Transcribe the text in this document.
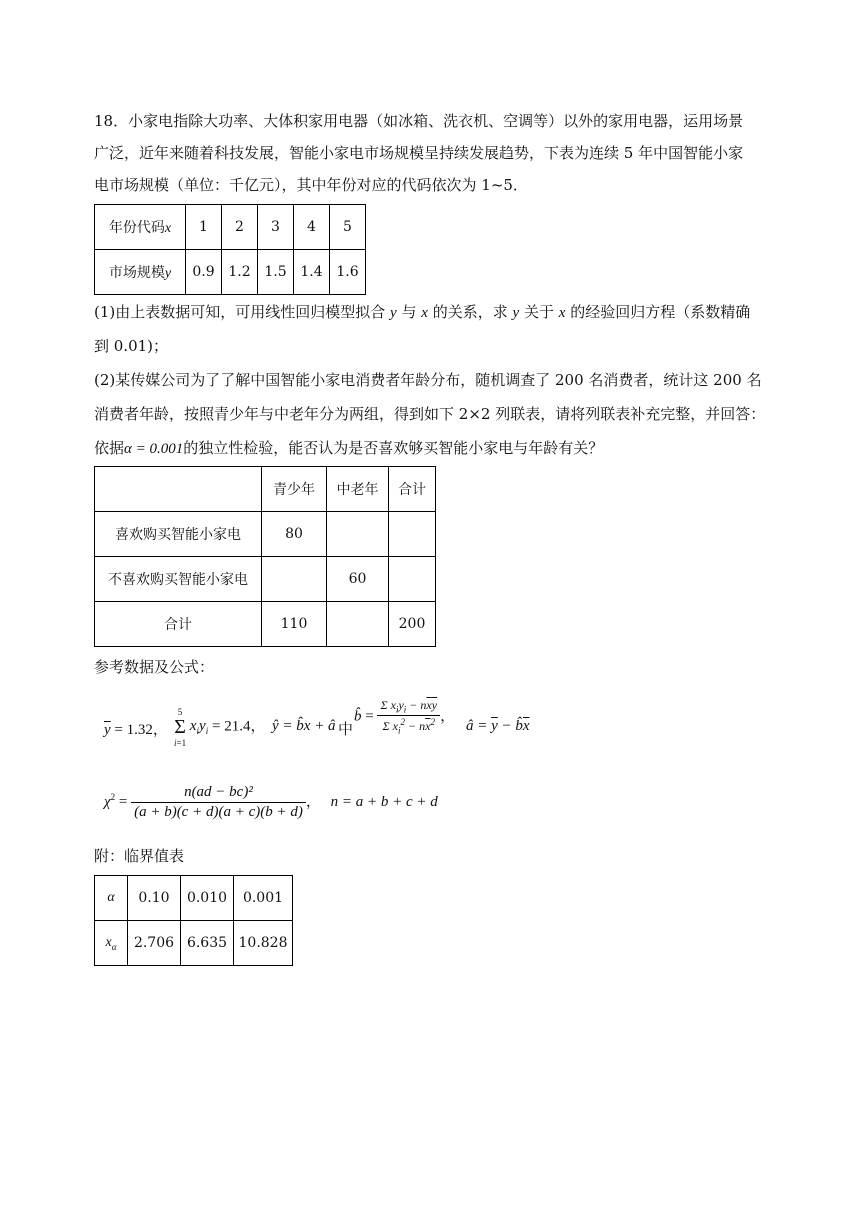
18．小家电指除大功率、大体积家用电器（如冰箱、洗衣机、空调等）以外的家用电器，运用场景
广泛，近年来随着科技发展，智能小家电市场规模呈持续发展趋势，下表为连续 5 年中国智能小家
电市场规模（单位：千亿元），其中年份对应的代码依次为 1~5．
年份代码x	1	2	3	4	5
市场规模y	0.9	1.2	1.5	1.4	1.6
(1)由上表数据可知，可用线性回归模型拟合 y 与 x 的关系，求 y 关于 x 的经验回归方程（系数精确
到 0.01)；
(2)某传媒公司为了了解中国智能小家电消费者年龄分布，随机调查了 200 名消费者，统计这 200 名
消费者年龄，按照青少年与中老年分为两组，得到如下 2×2 列联表，请将列联表补充完整，并回答：
依据α = 0.001的独立性检验，能否认为是否喜欢够买智能小家电与年龄有关？
	青少年	中老年	合计
喜欢购买智能小家电	80		
不喜欢购买智能小家电		60	
合计	110		200
参考数据及公式：
$\overline{y} = 1.32$，
5
Σ
i=1 $x_iy_i = 21.4$， ŷ = b̂x + â 中
b̂ = $\frac{\Sigma x_iy_i - n\overline{x}\overline{y}}{\Sigma x_i^2 - n\overline{x}^2}$ ，
â = $\overline{y}$ − $b̂\overline{x}$
$\chi^2 = \frac{\text{n(ad − bc)²}}{(a + b)(c + d)(a + c)(b + d)}$ ， n = a + b + c + d
附：临界值表
α	0.10	0.010	0.001
$x_\alpha$	2.706	6.635	10.828
